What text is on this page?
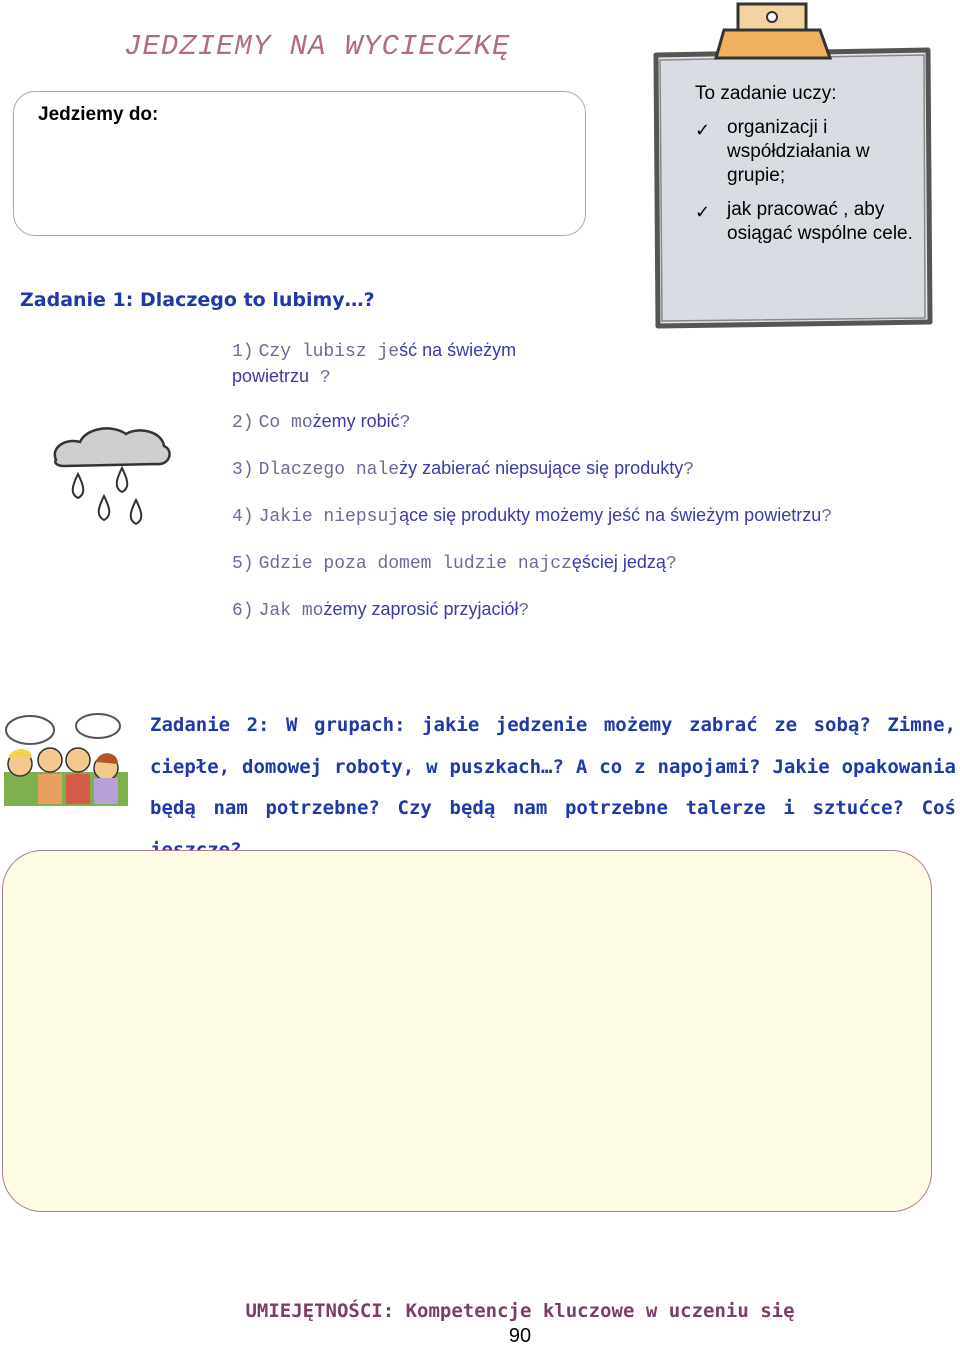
JEDZIEMY NA WYCIECZKĘ
Jedziemy do:
To zadanie uczy:
✓ organizacji i współdziałania w grupie;
✓ jak pracować , aby osiągać wspólne cele.
Zadanie 1: Dlaczego to lubimy…?
1) Czy lubisz jeść na świeżym powietrzu ?
2) Co możemy robić?
3) Dlaczego należy zabierać niepsujące się produkty?
4) Jakie niepsujące się produkty możemy jeść na świeżym powietrzu?
5) Gdzie poza domem ludzie najczęściej jedzą?
6) Jak możemy zaprosić przyjaciół?
Zadanie 2: W grupach: jakie jedzenie możemy zabrać ze sobą? Zimne, ciepłe, domowej roboty, w puszkach…? A co z napojami? Jakie opakowania będą nam potrzebne? Czy będą nam potrzebne talerze i sztućce? Coś
UMIEJĘTNOŚCI: Kompetencje kluczowe w uczeniu się
90
